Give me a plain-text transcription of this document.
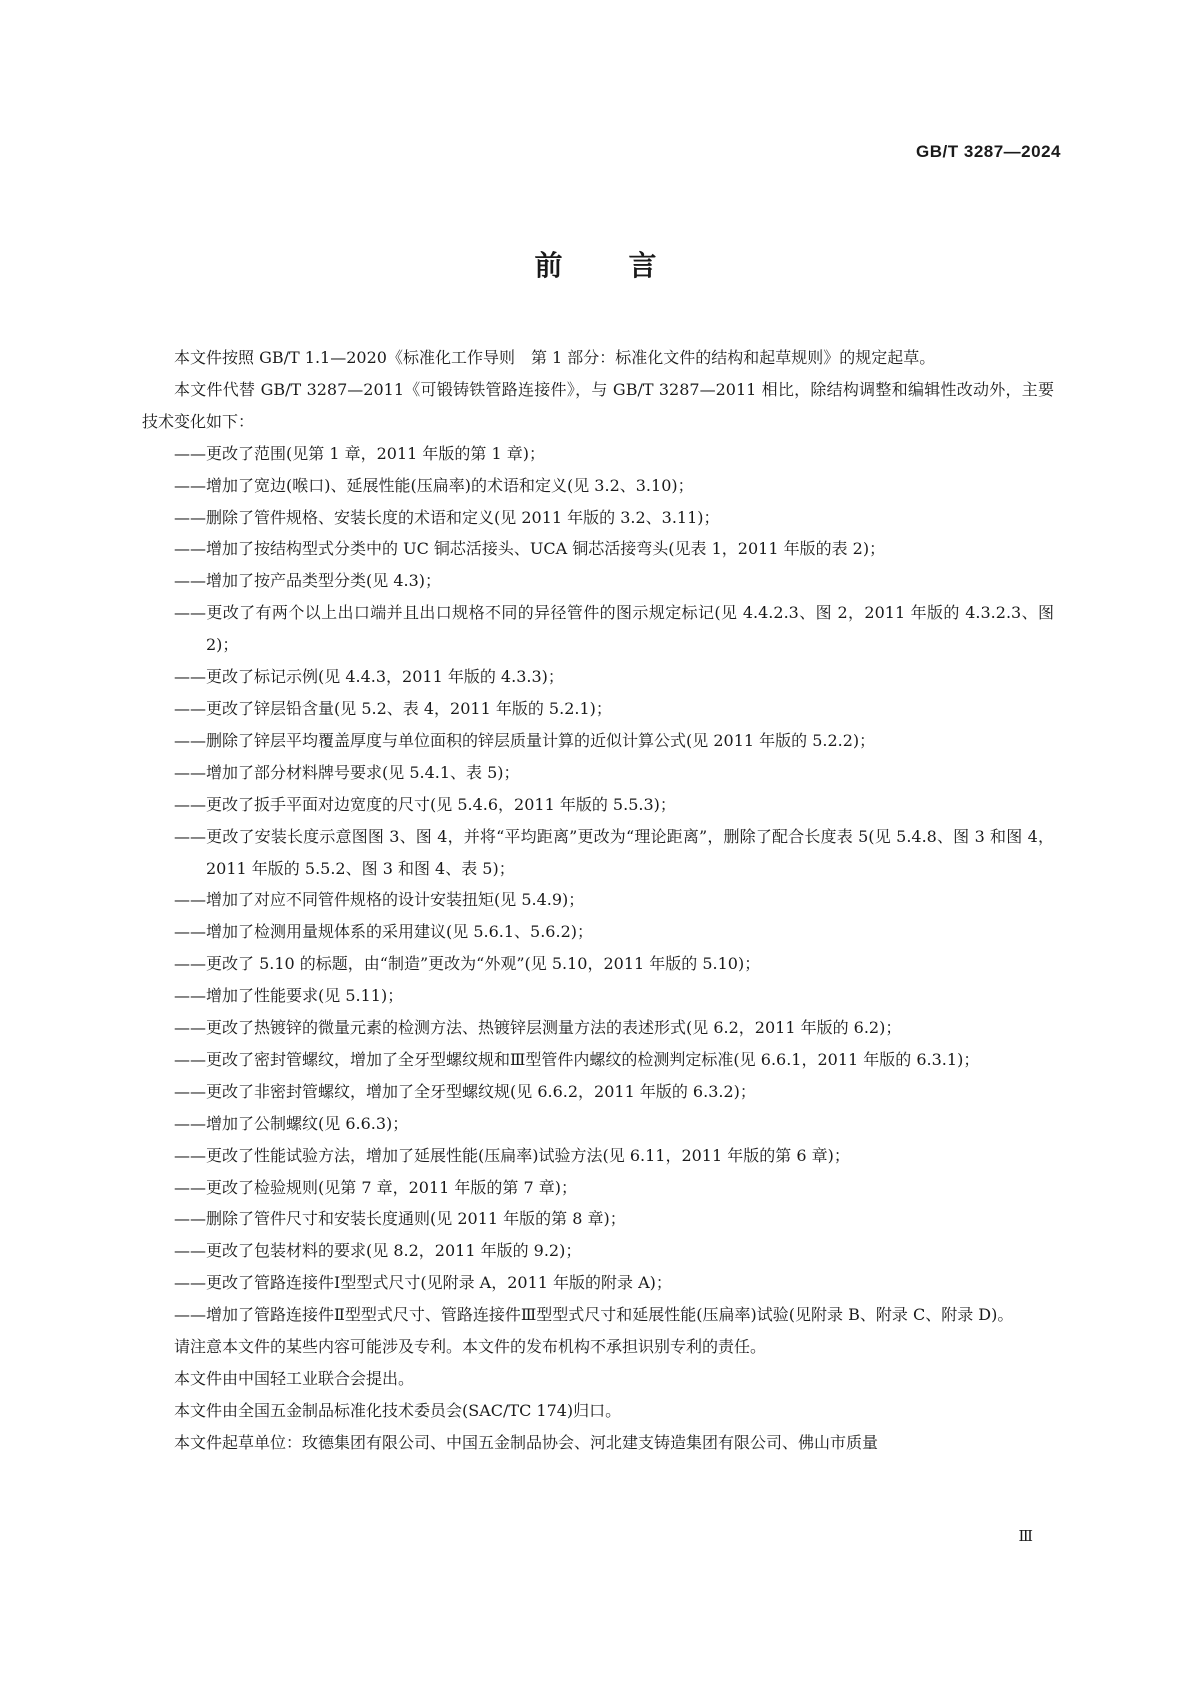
GB/T 3287—2024
前 言

本文件按照 GB/T 1.1—2020《标准化工作导则　第 1 部分：标准化文件的结构和起草规则》的规定起草。

本文件代替 GB/T 3287—2011《可锻铸铁管路连接件》，与 GB/T 3287—2011 相比，除结构调整和编辑性改动外，主要技术变化如下：

——更改了范围(见第 1 章，2011 年版的第 1 章)；

——增加了宽边(喉口)、延展性能(压扁率)的术语和定义(见 3.2、3.10)；

——删除了管件规格、安装长度的术语和定义(见 2011 年版的 3.2、3.11)；

——增加了按结构型式分类中的 UC 铜芯活接头、UCA 铜芯活接弯头(见表 1，2011 年版的表 2)；

——增加了按产品类型分类(见 4.3)；

——更改了有两个以上出口端并且出口规格不同的异径管件的图示规定标记(见 4.4.2.3、图 2，2011 年版的 4.3.2.3、图 2)；

——更改了标记示例(见 4.4.3，2011 年版的 4.3.3)；

——更改了锌层铅含量(见 5.2、表 4，2011 年版的 5.2.1)；

——删除了锌层平均覆盖厚度与单位面积的锌层质量计算的近似计算公式(见 2011 年版的 5.2.2)；

——增加了部分材料牌号要求(见 5.4.1、表 5)；

——更改了扳手平面对边宽度的尺寸(见 5.4.6，2011 年版的 5.5.3)；

——更改了安装长度示意图图 3、图 4，并将“平均距离”更改为“理论距离”，删除了配合长度表 5(见 5.4.8、图 3 和图 4，2011 年版的 5.5.2、图 3 和图 4、表 5)；

——增加了对应不同管件规格的设计安装扭矩(见 5.4.9)；

——增加了检测用量规体系的采用建议(见 5.6.1、5.6.2)；

——更改了 5.10 的标题，由“制造”更改为“外观”(见 5.10，2011 年版的 5.10)；

——增加了性能要求(见 5.11)；

——更改了热镀锌的微量元素的检测方法、热镀锌层测量方法的表述形式(见 6.2，2011 年版的 6.2)；

——更改了密封管螺纹，增加了全牙型螺纹规和Ⅲ型管件内螺纹的检测判定标准(见 6.6.1，2011 年版的 6.3.1)；

——更改了非密封管螺纹，增加了全牙型螺纹规(见 6.6.2，2011 年版的 6.3.2)；

——增加了公制螺纹(见 6.6.3)；

——更改了性能试验方法，增加了延展性能(压扁率)试验方法(见 6.11，2011 年版的第 6 章)；

——更改了检验规则(见第 7 章，2011 年版的第 7 章)；

——删除了管件尺寸和安装长度通则(见 2011 年版的第 8 章)；

——更改了包装材料的要求(见 8.2，2011 年版的 9.2)；

——更改了管路连接件Ⅰ型型式尺寸(见附录 A，2011 年版的附录 A)；

——增加了管路连接件Ⅱ型型式尺寸、管路连接件Ⅲ型型式尺寸和延展性能(压扁率)试验(见附录 B、附录 C、附录 D)。

请注意本文件的某些内容可能涉及专利。本文件的发布机构不承担识别专利的责任。

本文件由中国轻工业联合会提出。

本文件由全国五金制品标准化技术委员会(SAC/TC 174)归口。

本文件起草单位：玫德集团有限公司、中国五金制品协会、河北建支铸造集团有限公司、佛山市质量

Ⅲ
